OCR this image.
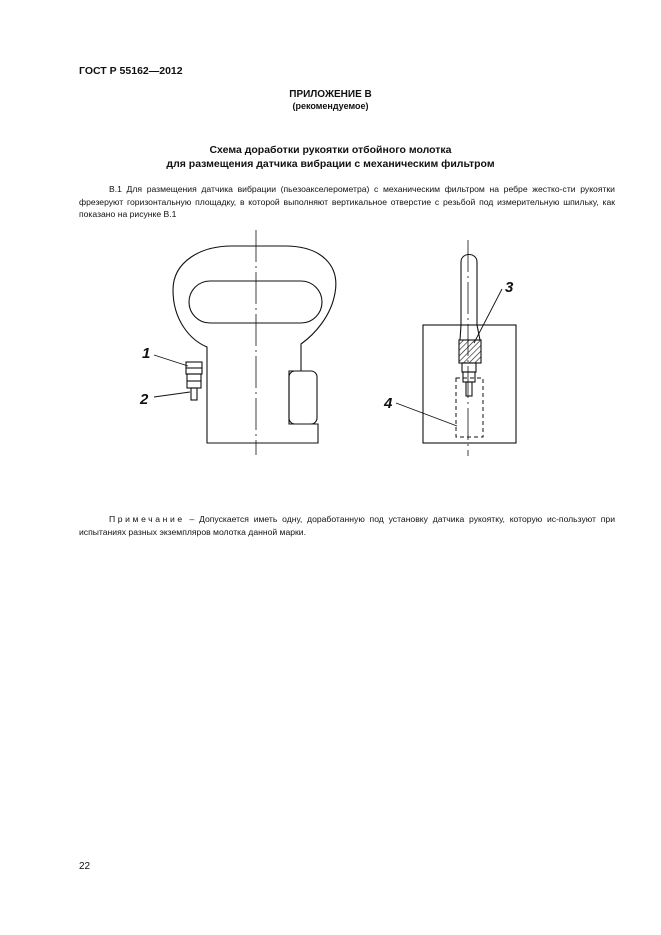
ГОСТ Р 55162—2012
ПРИЛОЖЕНИЕ В
(рекомендуемое)
Схема доработки рукоятки отбойного молотка
для размещения датчика вибрации с механическим фильтром
В.1 Для размещения датчика вибрации (пьезоакселерометра) с механическим фильтром на ребре жестко-сти рукоятки фрезеруют горизонтальную площадку, в которой выполняют вертикальное отверстие с резьбой под измерительную шпильку, как показано на рисунке В.1
1
2
3
4
Примечание – Допускается иметь одну, доработанную под установку датчика рукоятку, которую ис-пользуют при испытаниях разных экземпляров молотка данной марки.
22
